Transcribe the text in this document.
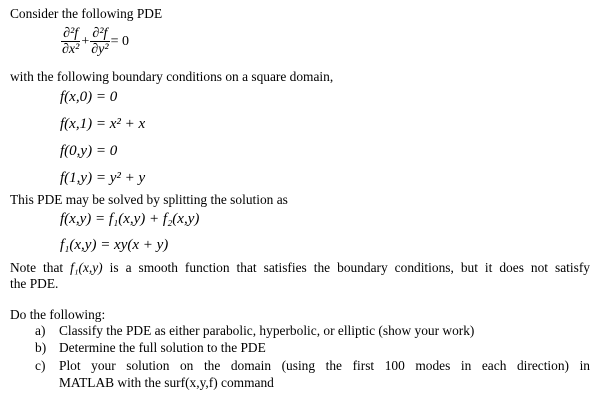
Consider the following PDE
$\frac{\text{∂²f}}{\text{∂x²}} + \frac{\text{∂²f}}{\text{∂y²}} = 0$
with the following boundary conditions on a square domain,
f(x,0) = 0
f(x,1) = x² + x
f(0,y) = 0
f(1,y) = y² + y
This PDE may be solved by splitting the solution as
f(x,y) = f₁(x,y) + f₂(x,y)
f₁(x,y) = xy(x + y)
Note that f₁(x,y) is a smooth function that satisfies the boundary conditions, but it does not satisfy
the PDE.
Do the following:
a) Classify the PDE as either parabolic, hyperbolic, or elliptic (show your work)
b) Determine the full solution to the PDE
c)	Plot your solution on the domain (using the first 100 modes in each direction) in
MATLAB with the surf(x,y,f) command
